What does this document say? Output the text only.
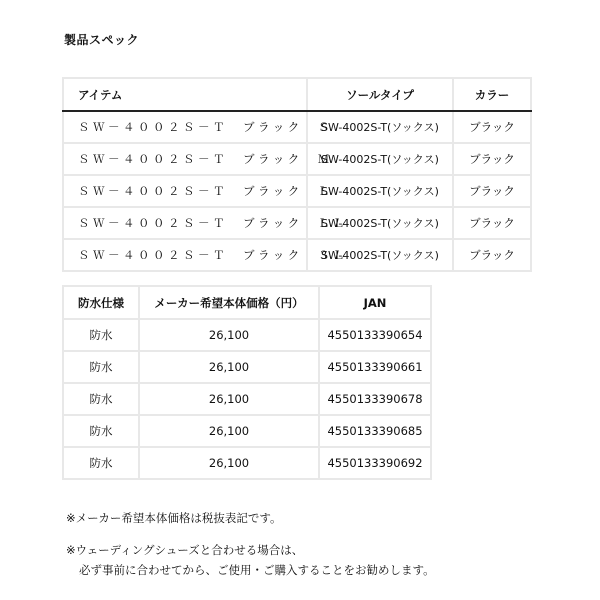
製品スペック
アイテム	ソールタイプ	カラー
ＳＷ－４００２Ｓ－Ｔ　ブラック　Ｓ	SW-4002S-T(ソックス)	ブラック
ＳＷ－４００２Ｓ－Ｔ　ブラック　Ｍ	SW-4002S-T(ソックス)	ブラック
ＳＷ－４００２Ｓ－Ｔ　ブラック　Ｌ	SW-4002S-T(ソックス)	ブラック
ＳＷ－４００２Ｓ－Ｔ　ブラック　ＬＬ	SW-4002S-T(ソックス)	ブラック
ＳＷ－４００２Ｓ－Ｔ　ブラック　３Ｌ	SW-4002S-T(ソックス)	ブラック
防水仕様	メーカー希望本体価格（円）	JAN
防水	26,100	4550133390654
防水	26,100	4550133390661
防水	26,100	4550133390678
防水	26,100	4550133390685
防水	26,100	4550133390692
※メーカー希望本体価格は税抜表記です。
※ウェーディングシューズと合わせる場合は、
必ず事前に合わせてから、ご使用・ご購入することをお勧めします。
